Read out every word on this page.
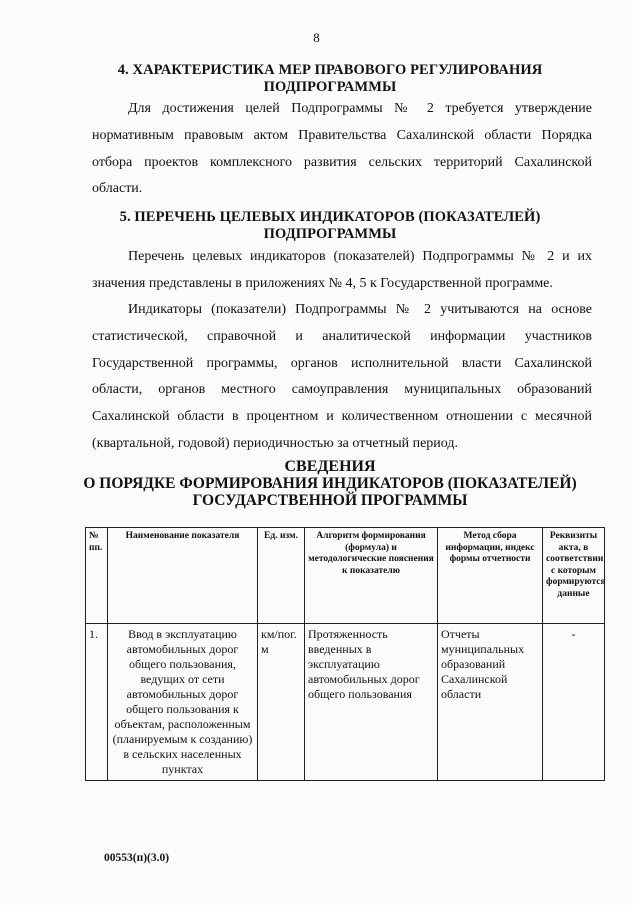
8
4. ХАРАКТЕРИСТИКА МЕР ПРАВОВОГО РЕГУЛИРОВАНИЯ
ПОДПРОГРАММЫ
Для достижения целей Подпрограммы № 2 требуется утверждение нормативным правовым актом Правительства Сахалинской области Порядка отбора проектов комплексного развития сельских территорий Сахалинской области.
5. ПЕРЕЧЕНЬ ЦЕЛЕВЫХ ИНДИКАТОРОВ (ПОКАЗАТЕЛЕЙ)
ПОДПРОГРАММЫ
Перечень целевых индикаторов (показателей) Подпрограммы № 2 и их значения представлены в приложениях № 4, 5 к Государственной программе.
Индикаторы (показатели) Подпрограммы № 2 учитываются на основе статистической, справочной и аналитической информации участников Государственной программы, органов исполнительной власти Сахалинской области, органов местного самоуправления муниципальных образований Сахалинской области в процентном и количественном отношении с месячной (квартальной, годовой) периодичностью за отчетный период.
СВЕДЕНИЯ
О ПОРЯДКЕ ФОРМИРОВАНИЯ ИНДИКАТОРОВ (ПОКАЗАТЕЛЕЙ)
ГОСУДАРСТВЕННОЙ ПРОГРАММЫ
№ пп.	Наименование показателя	Ед. изм.	Алгоритм формирования (формула) и методологические пояснения к показателю	Метод сбора информации, индекс формы отчетности	Реквизиты акта, в соответствии с которым формируются данные
1.	Ввод в эксплуатацию автомобильных дорог общего пользования, ведущих от сети автомобильных дорог общего пользования к объектам, расположенным (планируемым к созданию) в сельских населенных пунктах	км/пог. м	Протяженность введенных в эксплуатацию автомобильных дорог общего пользования	Отчеты муниципальных образований Сахалинской области	-
00553(п)(3.0)
